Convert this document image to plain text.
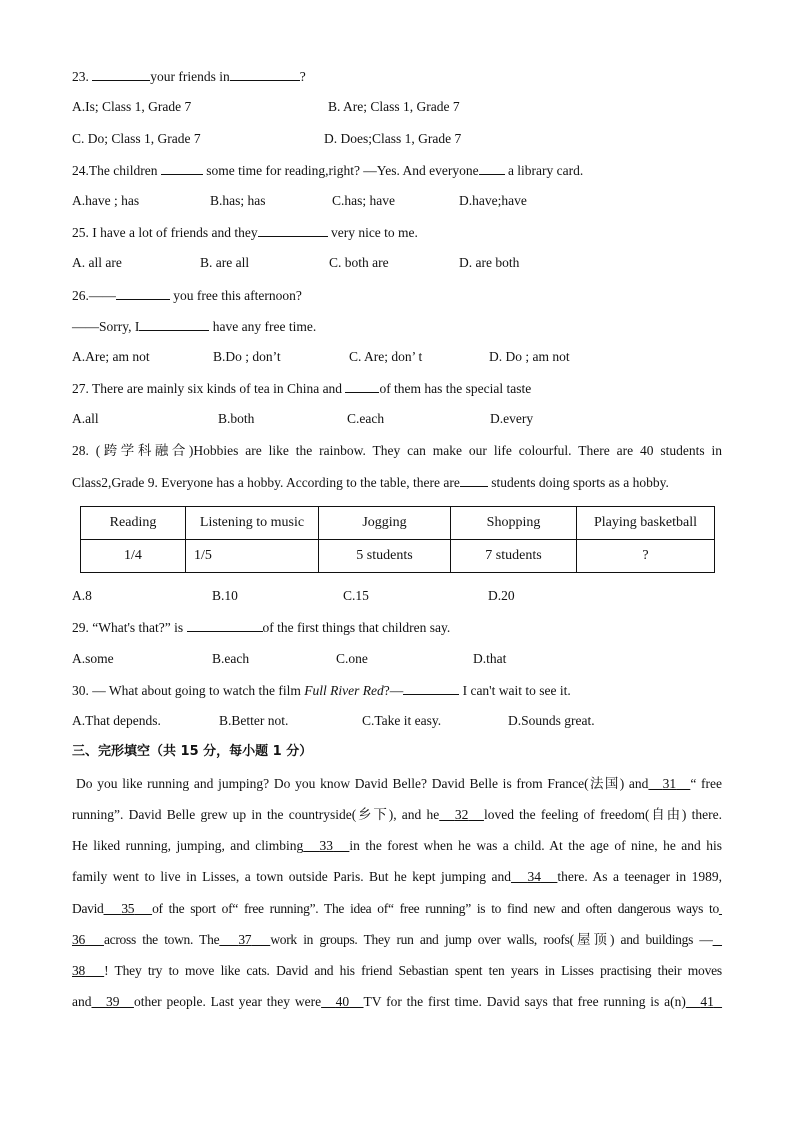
23.	your friends in	?
A.Is; Class 1, Grade 7	B. Are; Class 1, Grade 7
C. Do; Class 1, Grade 7	D. Does;Class 1, Grade 7
24.The children	some time for reading,right? —Yes. And everyone a library card.
A.have ; has	B.has; has	C.has; have	D.have;have
25. I have a lot of friends and they	very nice to me.
A. all are	B. are all	C. both are	D. are both
26.——	you free this afternoon?
——Sorry, I	have any free time.
A.Are; am not	B.Do ; don’t	C. Are; don’ t	D. Do ; am not
27. There are mainly six kinds of tea in China and	of them has the special taste
A.all	B.both	C.each	D.every
28. (跨学科融合)Hobbies are like the rainbow. They can make our life colourful. There are 40 students in
Class2,Grade 9. Everyone has a hobby. According to the table, there are students doing sports as a hobby.
Reading	Listening to music	Jogging	Shopping	Playing basketball
1/4	1/5	5 students	7 students	?
A.8	B.10	C.15	D.20
29. “What's that?” is	of the first things that children say.
A.some	B.each	C.one	D.that
30. — What about going to watch the film Full River Red?—	I can't wait to see it.
A.That depends.	B.Better not.	C.Take it easy.	D.Sounds great.
三、完形填空（共 15 分，每小题 1 分）
Do you like running and jumping? Do you know David Belle? David Belle is from France(法国) and 31 “ free
running”. David Belle grew up in the countryside(乡下), and he 32 loved the feeling of freedom(自由) there.
He liked running, jumping, and climbing 33 in the forest when he was a child. At the age of nine, he and his
family went to live in Lisses, a town outside Paris. But he kept jumping and 34 there. As a teenager in 1989,
David 35 of the sport of“ free running”. The idea of“ free running” is to find new and often dangerous ways to
36 across the town. The 37 work in groups. They run and jump over walls, roofs(屋顶) and buildings —
38 ! They try to move like cats. David and his friend Sebastian spent ten years in Lisses practising their moves
and 39 other people. Last year they were 40 TV for the first time. David says that free running is a(n) 41
